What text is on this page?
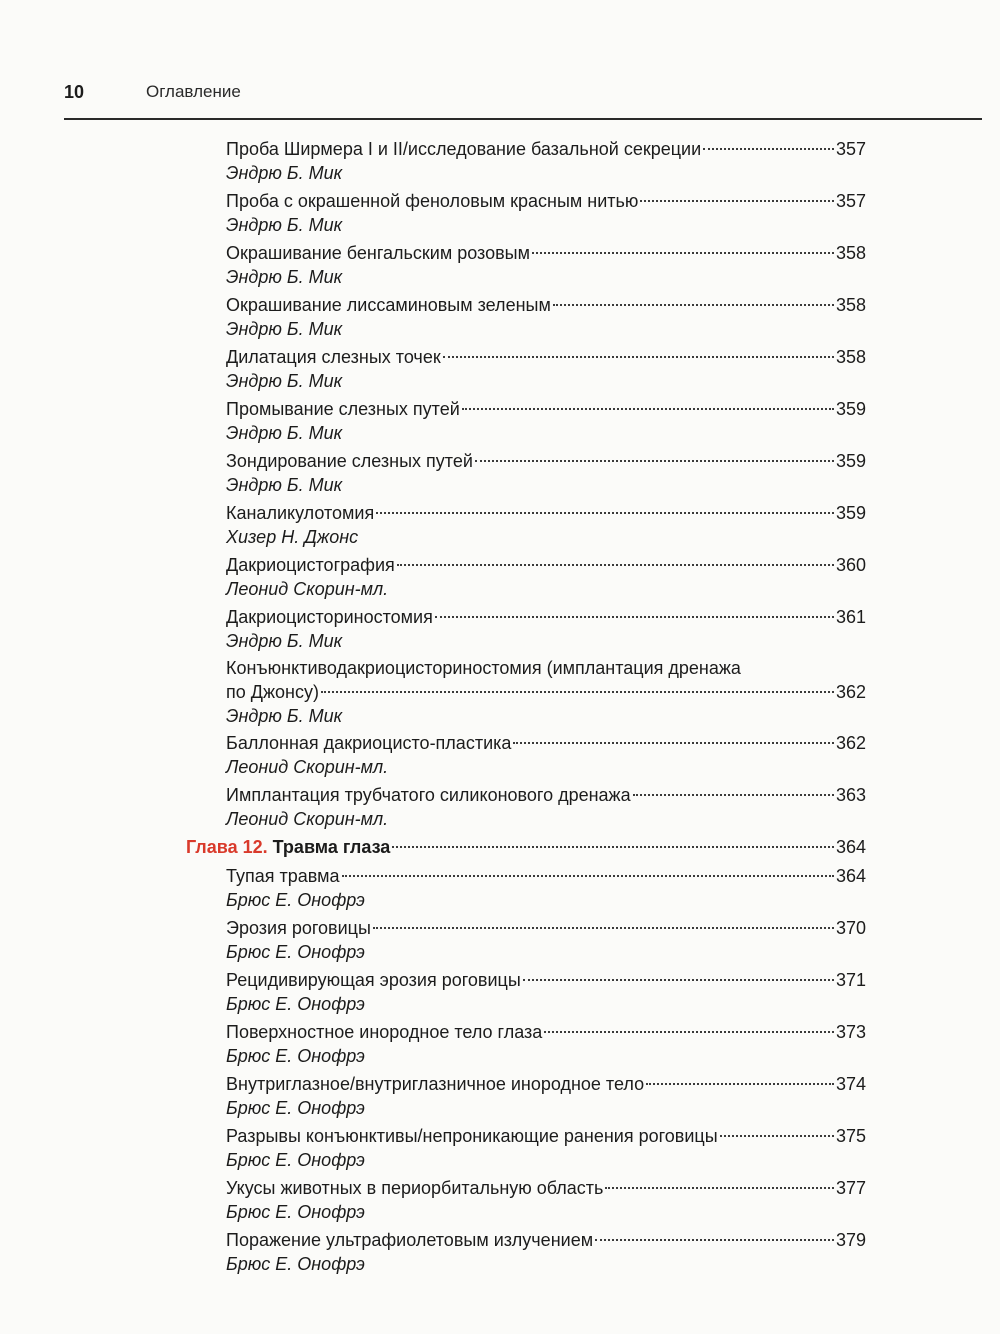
10	Оглавление
Проба Ширмера I и II/исследование базальной секреции	357
Эндрю Б. Мик
Проба с окрашенной феноловым красным нитью	357
Эндрю Б. Мик
Окрашивание бенгальским розовым	358
Эндрю Б. Мик
Окрашивание лиссаминовым зеленым	358
Эндрю Б. Мик
Дилатация слезных точек	358
Эндрю Б. Мик
Промывание слезных путей	359
Эндрю Б. Мик
Зондирование слезных путей	359
Эндрю Б. Мик
Каналикулотомия	359
Хизер Н. Джонс
Дакриоцистография	360
Леонид Скорин-мл.
Дакриоцисториностомия	361
Эндрю Б. Мик
Конъюнктиводакриоцисториностомия (имплантация дренажа
по Джонсу)	362
Эндрю Б. Мик
Баллонная дакриоцисто-пластика	362
Леонид Скорин-мл.
Имплантация трубчатого силиконового дренажа	363
Леонид Скорин-мл.
Глава 12. Травма глаза	364
Тупая травма	364
Брюс Е. Онофрэ
Эрозия роговицы	370
Брюс Е. Онофрэ
Рецидивирующая эрозия роговицы	371
Брюс Е. Онофрэ
Поверхностное инородное тело глаза	373
Брюс Е. Онофрэ
Внутриглазное/внутриглазничное инородное тело	374
Брюс Е. Онофрэ
Разрывы конъюнктивы/непроникающие ранения роговицы	375
Брюс Е. Онофрэ
Укусы животных в периорбитальную область	377
Брюс Е. Онофрэ
Поражение ультрафиолетовым излучением	379
Брюс Е. Онофрэ
